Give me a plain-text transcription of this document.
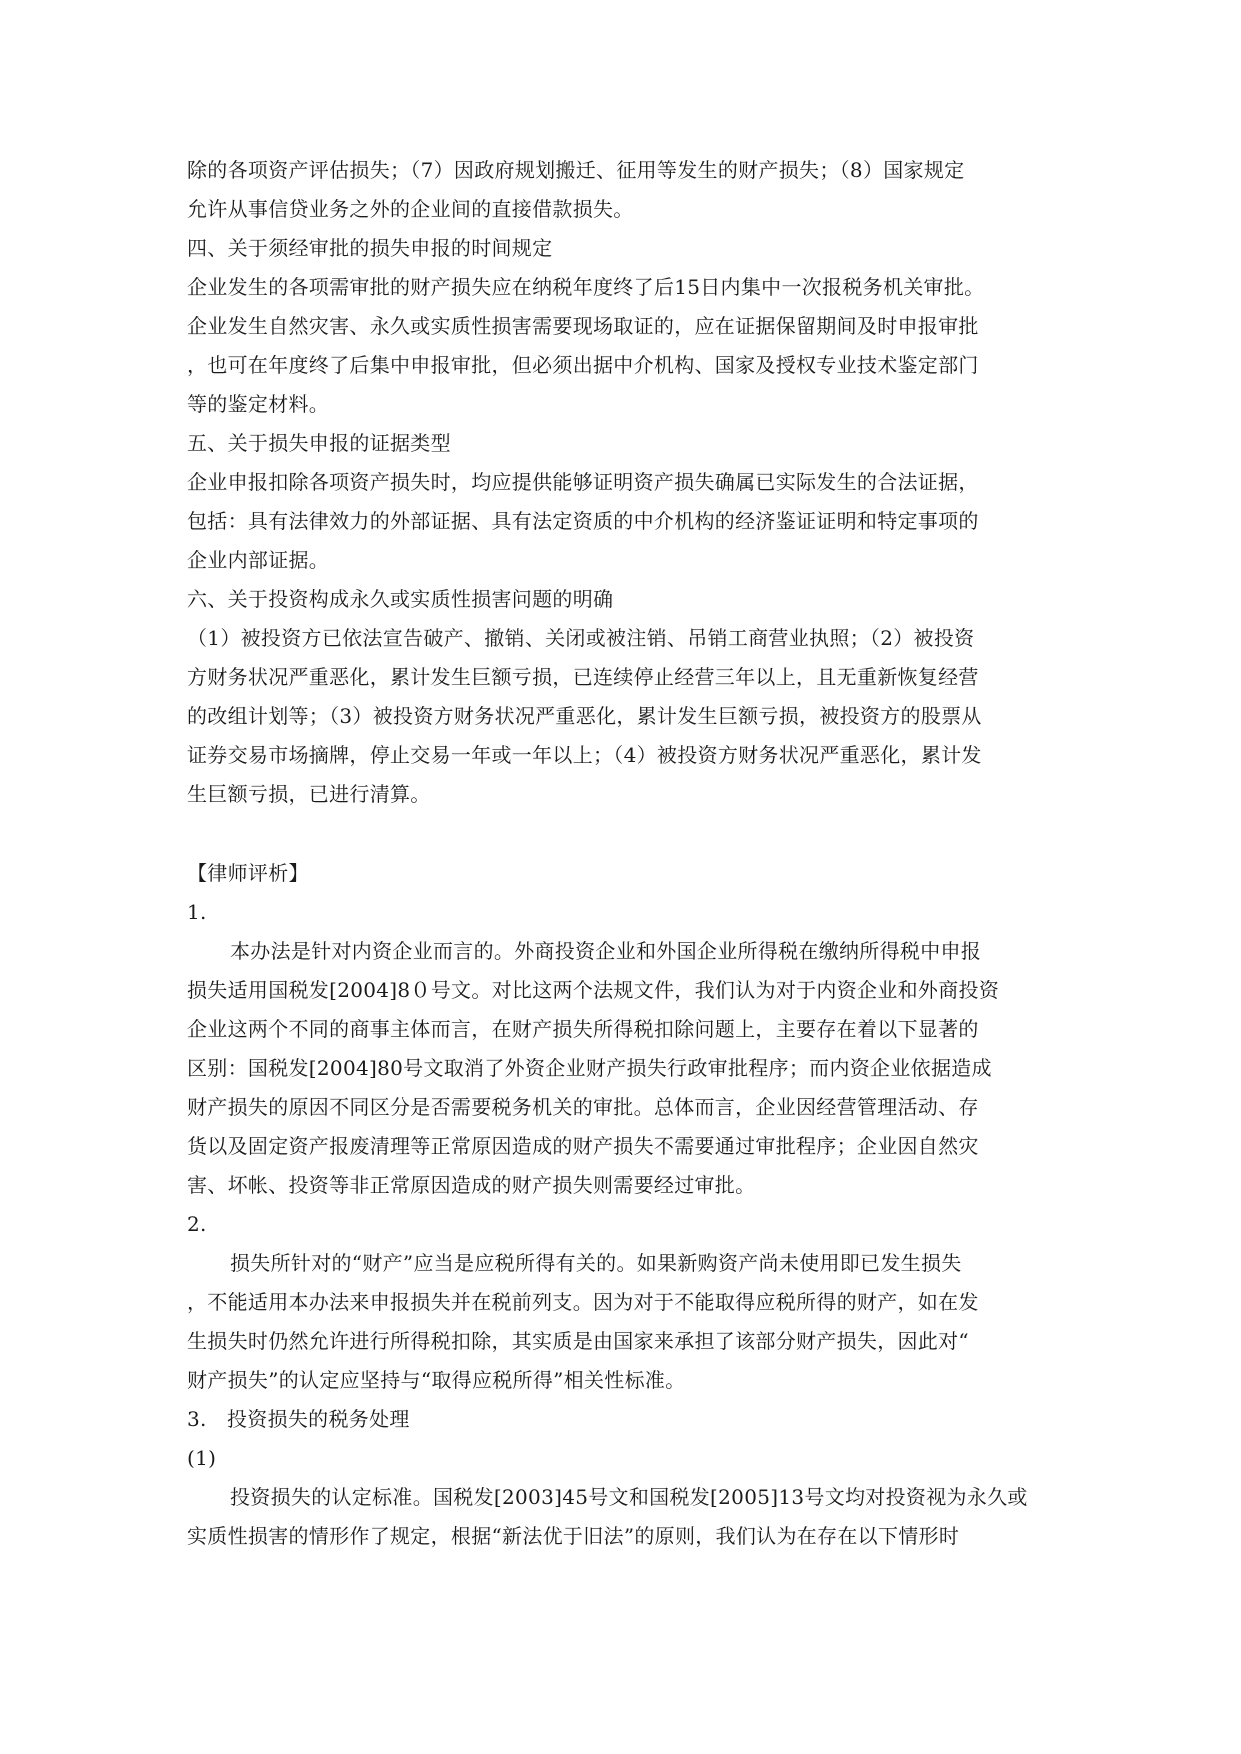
除的各项资产评估损失；（7）因政府规划搬迁、征用等发生的财产损失；（8）国家规定
允许从事信贷业务之外的企业间的直接借款损失。
四、关于须经审批的损失申报的时间规定
企业发生的各项需审批的财产损失应在纳税年度终了后15日内集中一次报税务机关审批。
企业发生自然灾害、永久或实质性损害需要现场取证的，应在证据保留期间及时申报审批
，也可在年度终了后集中申报审批，但必须出据中介机构、国家及授权专业技术鉴定部门
等的鉴定材料。
五、关于损失申报的证据类型
企业申报扣除各项资产损失时，均应提供能够证明资产损失确属已实际发生的合法证据，
包括：具有法律效力的外部证据、具有法定资质的中介机构的经济鉴证证明和特定事项的
企业内部证据。
六、关于投资构成永久或实质性损害问题的明确
（1）被投资方已依法宣告破产、撤销、关闭或被注销、吊销工商营业执照；（2）被投资
方财务状况严重恶化，累计发生巨额亏损，已连续停止经营三年以上，且无重新恢复经营
的改组计划等；（3）被投资方财务状况严重恶化，累计发生巨额亏损，被投资方的股票从
证券交易市场摘牌，停止交易一年或一年以上；（4）被投资方财务状况严重恶化，累计发
生巨额亏损，已进行清算。
【律师评析】
1.
本办法是针对内资企业而言的。外商投资企业和外国企业所得税在缴纳所得税中申报
损失适用国税发[2004]8０号文。对比这两个法规文件，我们认为对于内资企业和外商投资
企业这两个不同的商事主体而言，在财产损失所得税扣除问题上，主要存在着以下显著的
区别：国税发[2004]80号文取消了外资企业财产损失行政审批程序；而内资企业依据造成
财产损失的原因不同区分是否需要税务机关的审批。总体而言，企业因经营管理活动、存
货以及固定资产报废清理等正常原因造成的财产损失不需要通过审批程序；企业因自然灾
害、坏帐、投资等非正常原因造成的财产损失则需要经过审批。
2.
损失所针对的“财产”应当是应税所得有关的。如果新购资产尚未使用即已发生损失
，不能适用本办法来申报损失并在税前列支。因为对于不能取得应税所得的财产，如在发
生损失时仍然允许进行所得税扣除，其实质是由国家来承担了该部分财产损失，因此对“
财产损失”的认定应坚持与“取得应税所得”相关性标准。
3.　投资损失的税务处理
(1)
投资损失的认定标准。国税发[2003]45号文和国税发[2005]13号文均对投资视为永久或
实质性损害的情形作了规定，根据“新法优于旧法”的原则，我们认为在存在以下情形时
